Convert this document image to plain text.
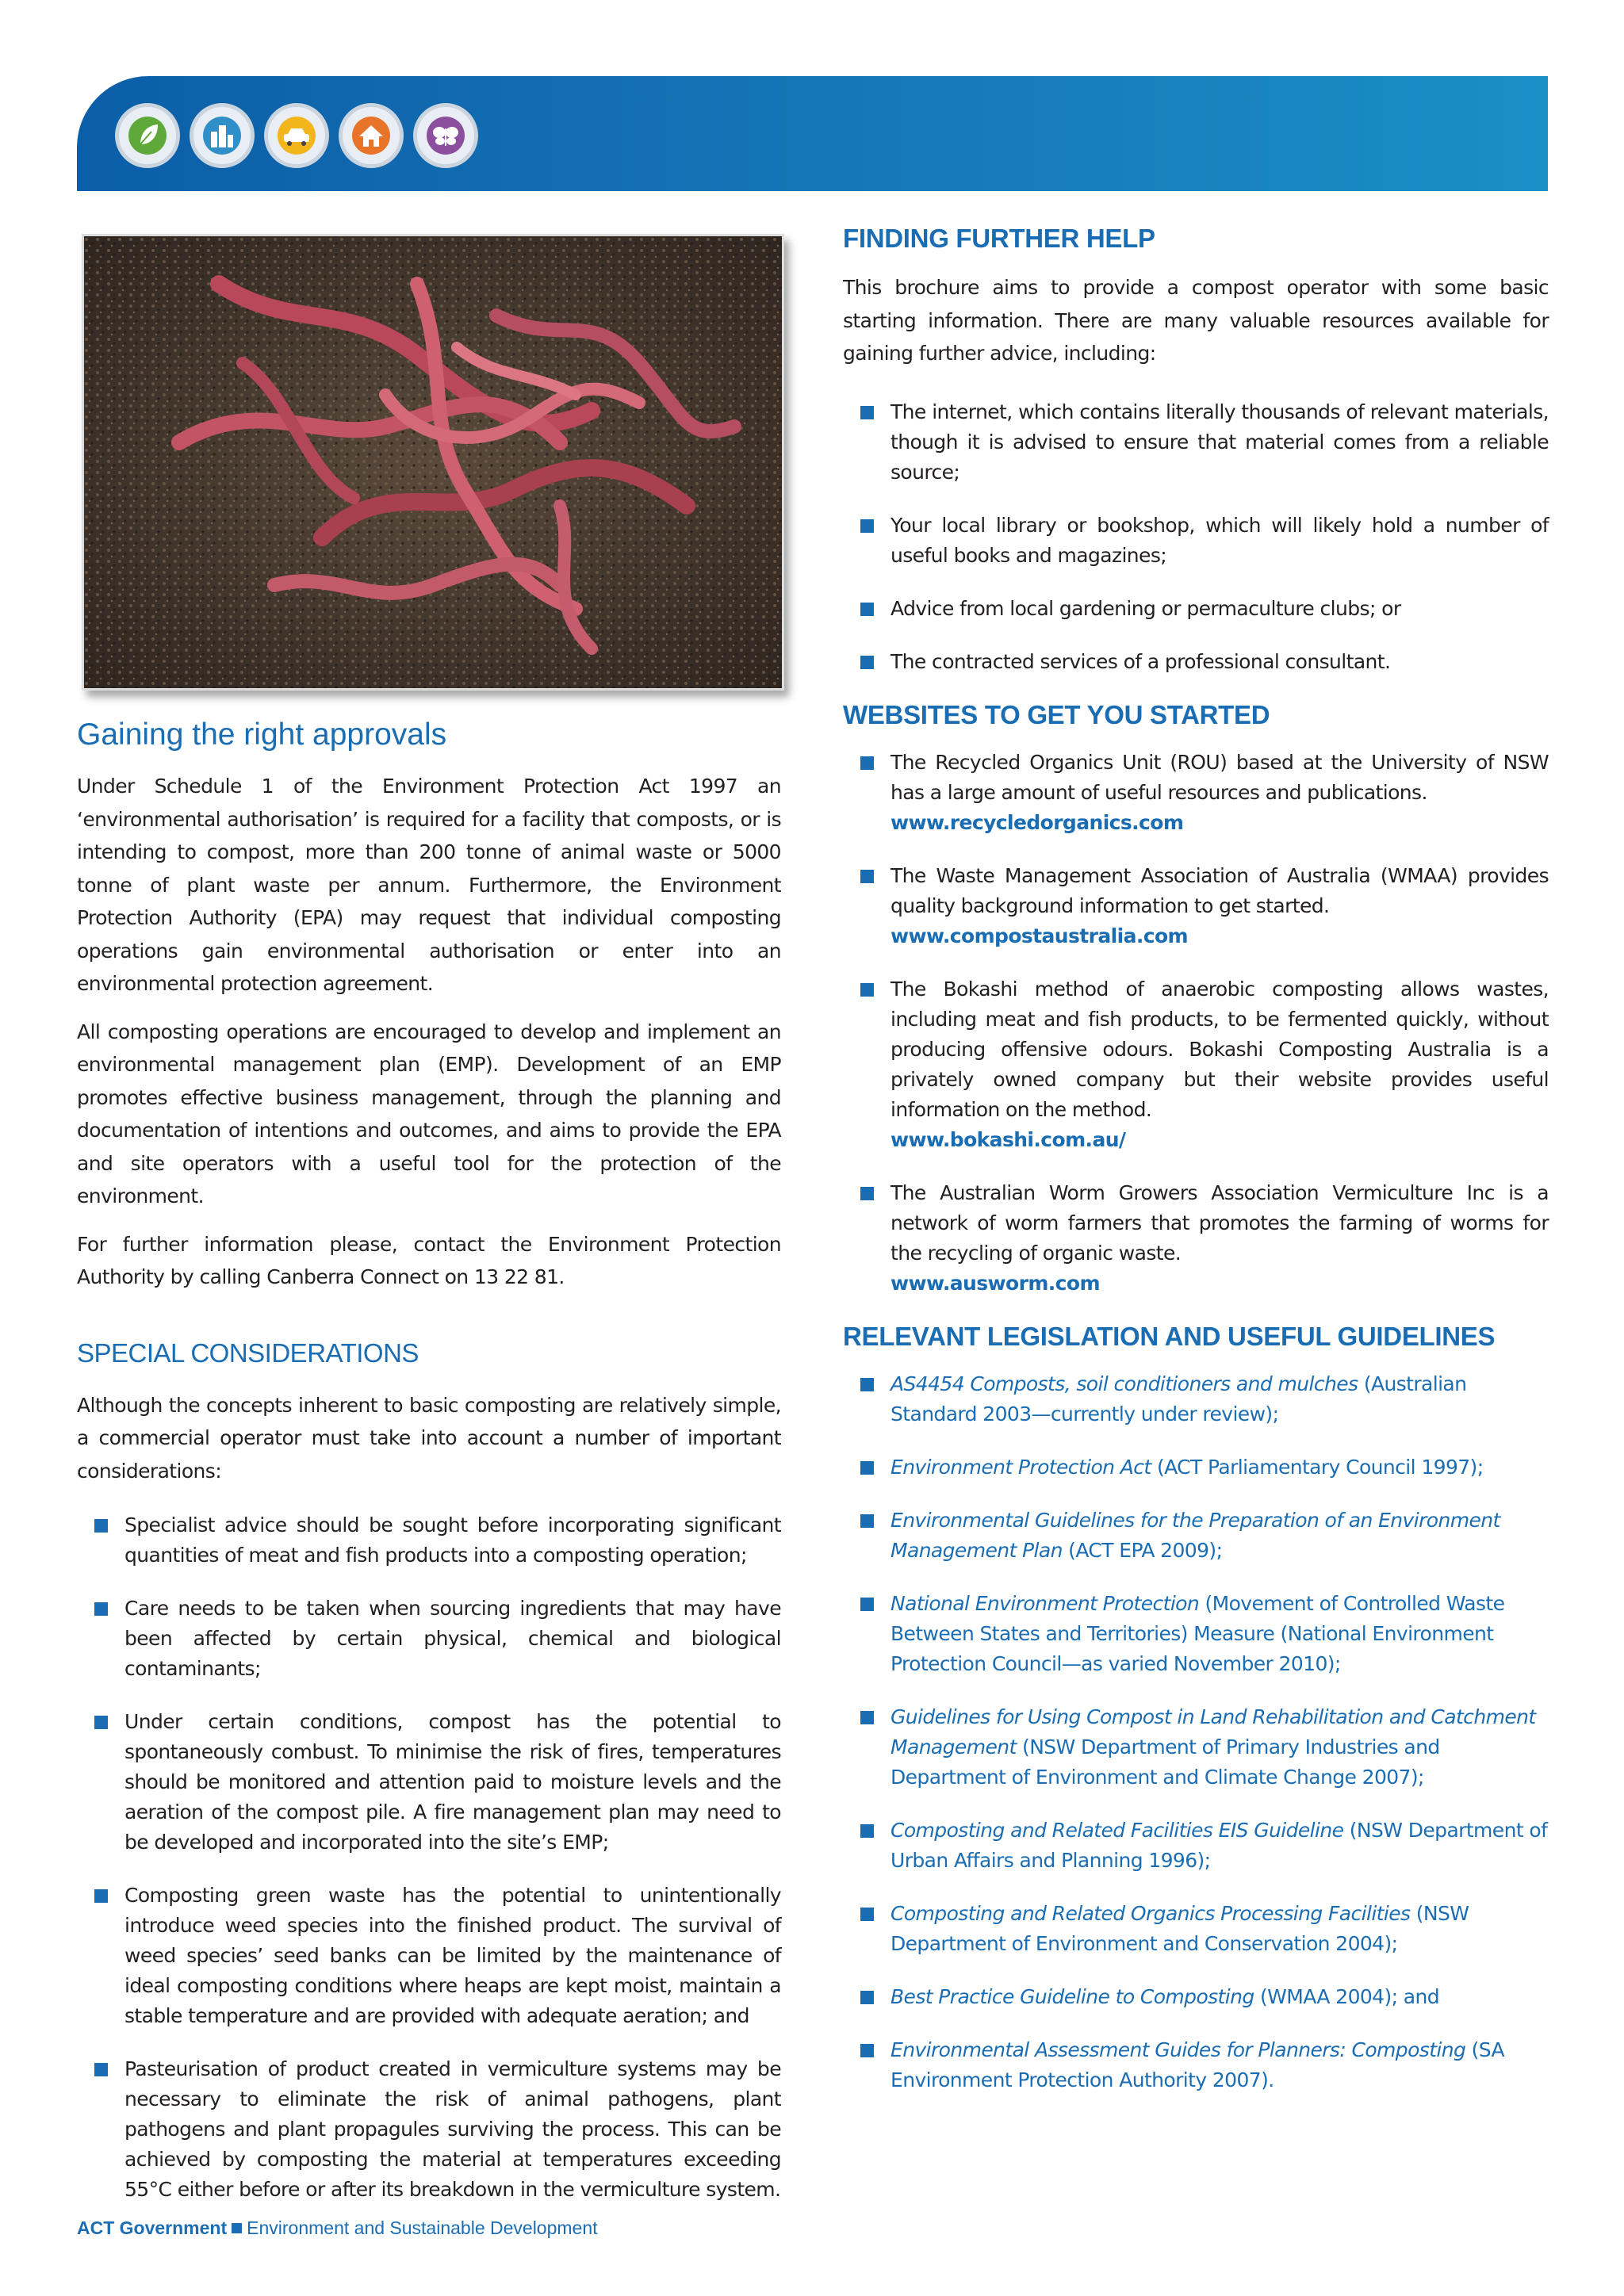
Gaining the right approvals

Under Schedule 1 of the Environment Protection Act 1997 an ‘environmental authorisation’ is required for a facility that composts, or is intending to compost, more than 200 tonne of animal waste or 5000 tonne of plant waste per annum. Furthermore, the Environment Protection Authority (EPA) may request that individual composting operations gain environmental authorisation or enter into an environmental protection agreement.

All composting operations are encouraged to develop and implement an environmental management plan (EMP). Development of an EMP promotes effective business management, through the planning and documentation of intentions and outcomes, and aims to provide the EPA and site operators with a useful tool for the protection of the environment.

For further information please, contact the Environment Protection Authority by calling Canberra Connect on 13 22 81.

SPECIAL CONSIDERATIONS

Although the concepts inherent to basic composting are relatively simple, a commercial operator must take into account a number of important considerations:

Specialist advice should be sought before incorporating significant quantities of meat and fish products into a composting operation;
Care needs to be taken when sourcing ingredients that may have been affected by certain physical, chemical and biological contaminants;
Under certain conditions, compost has the potential to spontaneously combust. To minimise the risk of fires, temperatures should be monitored and attention paid to moisture levels and the aeration of the compost pile. A fire management plan may need to be developed and incorporated into the site’s EMP;
Composting green waste has the potential to unintentionally introduce weed species into the finished product. The survival of weed species’ seed banks can be limited by the maintenance of ideal composting conditions where heaps are kept moist, maintain a stable temperature and are provided with adequate aeration; and
Pasteurisation of product created in vermiculture systems may be necessary to eliminate the risk of animal pathogens, plant pathogens and plant propagules surviving the process. This can be achieved by composting the material at temperatures exceeding 55°C either before or after its breakdown in the vermiculture system.
FINDING FURTHER HELP

This brochure aims to provide a compost operator with some basic starting information. There are many valuable resources available for gaining further advice, including:

The internet, which contains literally thousands of relevant materials, though it is advised to ensure that material comes from a reliable source;
Your local library or bookshop, which will likely hold a number of useful books and magazines;
Advice from local gardening or permaculture clubs; or
The contracted services of a professional consultant.
WEBSITES TO GET YOU STARTED
The Recycled Organics Unit (ROU) based at the University of NSW has a large amount of useful resources and publications.
www.recycledorganics.com
The Waste Management Association of Australia (WMAA) provides quality background information to get started.
www.compostaustralia.com
The Bokashi method of anaerobic composting allows wastes, including meat and fish products, to be fermented quickly, without producing offensive odours. Bokashi Composting Australia is a privately owned company but their website provides useful information on the method.
www.bokashi.com.au/
The Australian Worm Growers Association Vermiculture Inc is a network of worm farmers that promotes the farming of worms for the recycling of organic waste.
www.ausworm.com
RELEVANT LEGISLATION AND USEFUL GUIDELINES
AS4454 Composts, soil conditioners and mulches (Australian Standard 2003—currently under review);
Environment Protection Act (ACT Parliamentary Council 1997);
Environmental Guidelines for the Preparation of an Environment Management Plan (ACT EPA 2009);
National Environment Protection (Movement of Controlled Waste Between States and Territories) Measure (National Environment Protection Council—as varied November 2010);
Guidelines for Using Compost in Land Rehabilitation and Catchment Management (NSW Department of Primary Industries and Department of Environment and Climate Change 2007);
Composting and Related Facilities EIS Guideline (NSW Department of Urban Affairs and Planning 1996);
Composting and Related Organics Processing Facilities (NSW Department of Environment and Conservation 2004);
Best Practice Guideline to Composting (WMAA 2004); and
Environmental Assessment Guides for Planners: Composting (SA Environment Protection Authority 2007).
ACT Government Environment and Sustainable Development
